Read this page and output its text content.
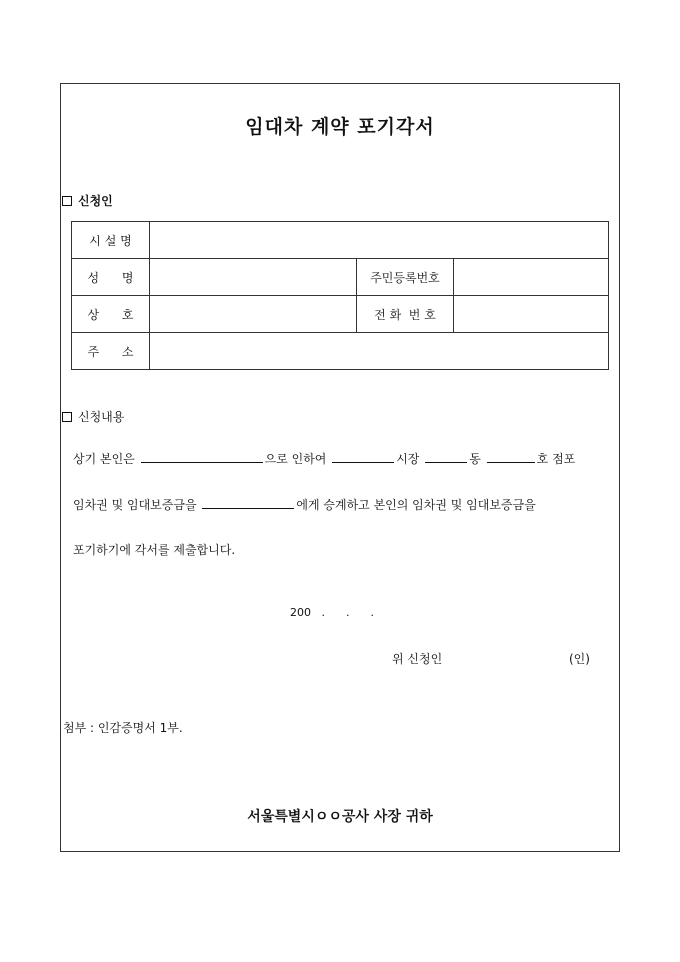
임대차 계약 포기각서
신청인
시 설 명			
성      명		주민등록번호	
상      호		전 화  번 호	
주      소			
신청내용
상기 본인은	으로 인하여	시장	동	호 점포
임차권 및 임대보증금을	에게 승계하고 본인의 임차권 및 임대보증금을
포기하기에 각서를 제출합니다.
200   .      .      .
위 신청인	(인)
첨부 : 인감증명서 1부.
서울특별시ㅇㅇ공사 사장 귀하
